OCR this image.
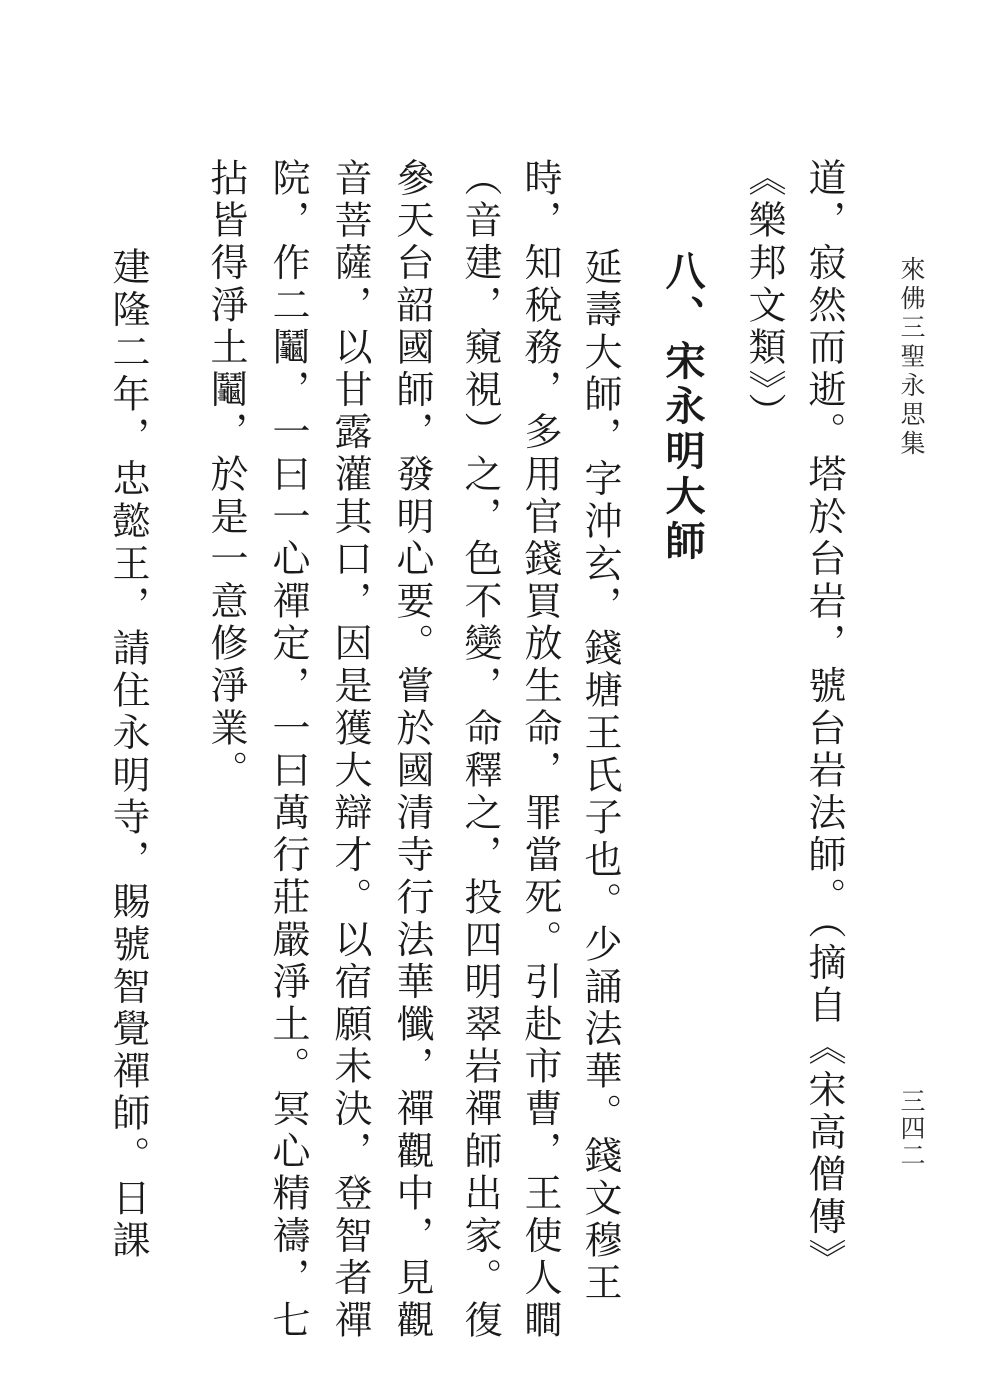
來佛三聖永思集
三四二
道，寂然而逝。塔於台岩，號台岩法師。（摘自《宋高僧傳》
《樂邦文類》）
八、宋永明大師
　延壽大師，字沖玄，錢塘王氏子也。少誦法華。錢文穆王
時，知稅務，多用官錢買放生命，罪當死。引赴市曹，王使人瞷
（音建，窺視）之，色不變，命釋之，投四明翠岩禪師出家。復
參天台韶國師，發明心要。嘗於國清寺行法華懺，禪觀中，見觀
音菩薩，以甘露灌其口，因是獲大辯才。以宿願未決，登智者禪
院，作二鬮，一曰一心禪定，一曰萬行莊嚴淨土。冥心精禱，七
拈皆得淨土鬮，於是一意修淨業。
　建隆二年，忠懿王，請住永明寺，賜號智覺禪師。日課
